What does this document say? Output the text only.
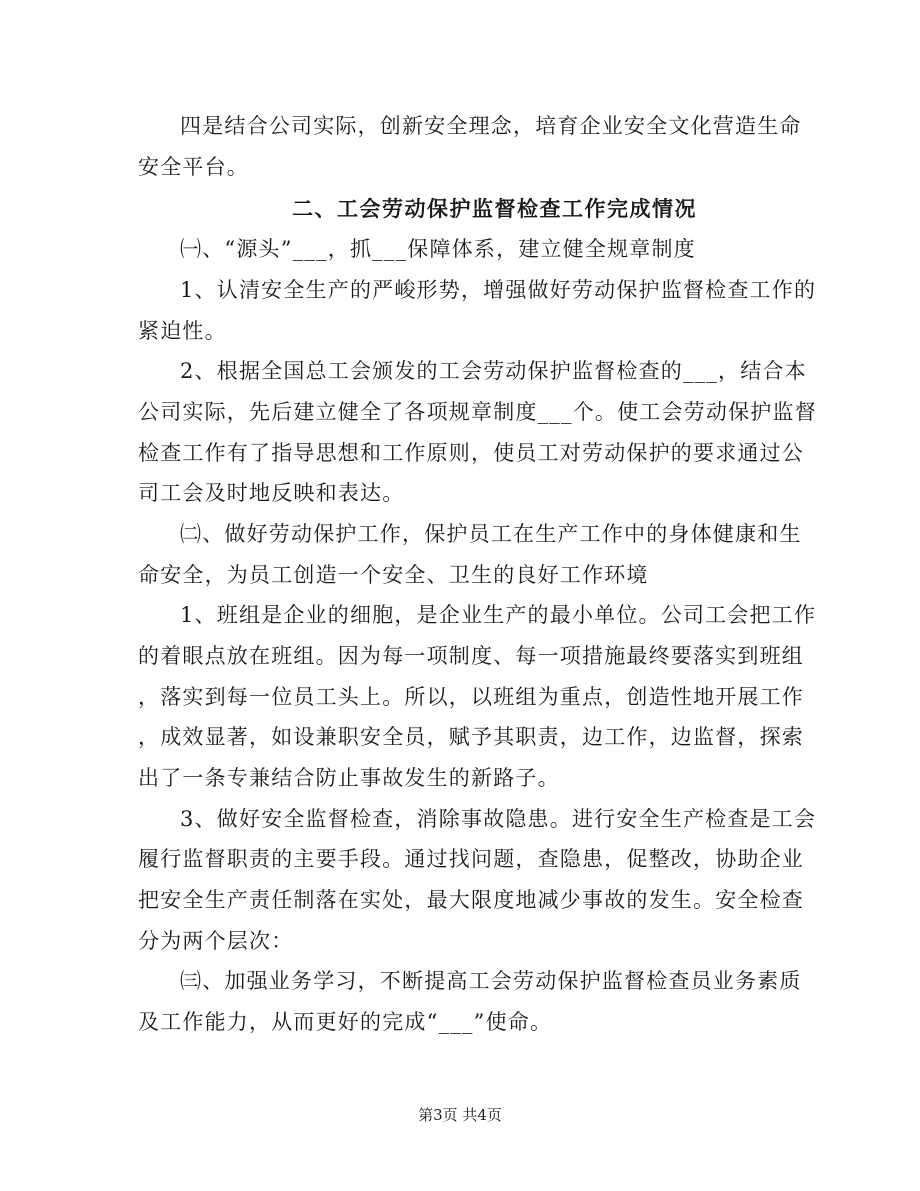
四是结合公司实际，创新安全理念，培育企业安全文化营造生命
安全平台。
二、工会劳动保护监督检查工作完成情况
㈠、“源头”___，抓___保障体系，建立健全规章制度
1、认清安全生产的严峻形势，增强做好劳动保护监督检查工作的
紧迫性。
2、根据全国总工会颁发的工会劳动保护监督检查的___，结合本
公司实际，先后建立健全了各项规章制度___个。使工会劳动保护监督
检查工作有了指导思想和工作原则，使员工对劳动保护的要求通过公
司工会及时地反映和表达。
㈡、做好劳动保护工作，保护员工在生产工作中的身体健康和生
命安全，为员工创造一个安全、卫生的良好工作环境
1、班组是企业的细胞，是企业生产的最小单位。公司工会把工作
的着眼点放在班组。因为每一项制度、每一项措施最终要落实到班组
，落实到每一位员工头上。所以，以班组为重点，创造性地开展工作
，成效显著，如设兼职安全员，赋予其职责，边工作，边监督，探索
出了一条专兼结合防止事故发生的新路子。
3、做好安全监督检查，消除事故隐患。进行安全生产检查是工会
履行监督职责的主要手段。通过找问题，查隐患，促整改，协助企业
把安全生产责任制落在实处，最大限度地减少事故的发生。安全检查
分为两个层次：
㈢、加强业务学习，不断提高工会劳动保护监督检查员业务素质
及工作能力，从而更好的完成“___”使命。
第3页 共4页
